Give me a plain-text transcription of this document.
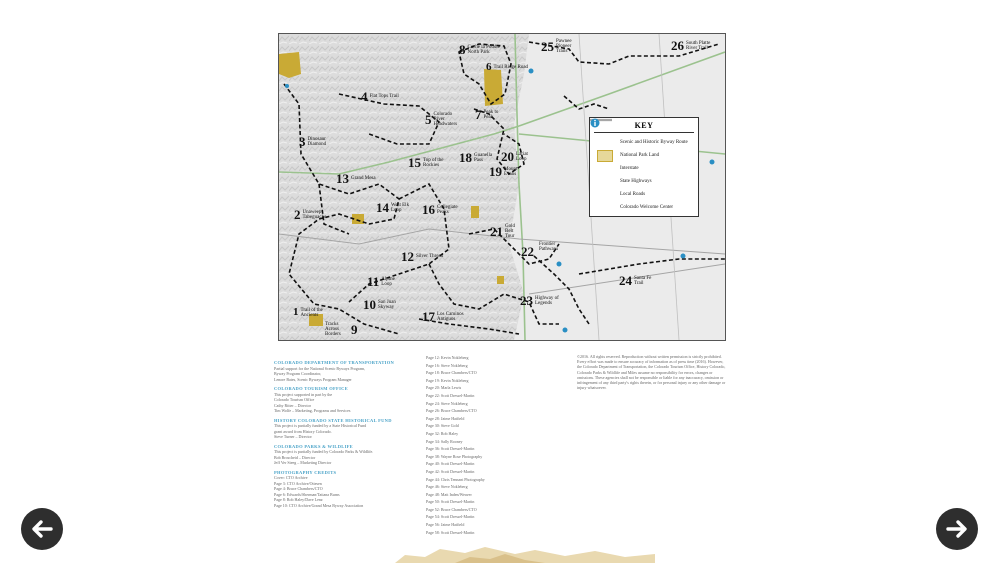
1 Trail of the Ancients
2 Unaweep Tabeguache
3 Dinosaur Diamond
4 Flat Tops Trail
5 Colorado River Headwaters
6 Trail Ridge Road
7 Peak to Peak
8 Cache la Poudre North Park
Tracks Across Borders 9
10 San Juan Skyway
11 Alpine Loop
12 Silver Thread
13 Grand Mesa
14 West Elk Loop
15 Top of the Rockies
16 Collegiate Peaks
17 Los Caminos Antiguos
18 Guanella Pass
19 Mount Evans
20 Lariat Loop
21 Gold Belt Tour
22 Frontier Pathways
23 Highway of Legends
24 Santa Fe Trail
25 Pawnee Pioneer Trails	26 South Platte River Trail
KEY
Scenic and Historic Byway Route
National Park Land
Interstate
State Highways
Local Roads
Colorado Welcome Center
COLORADO DEPARTMENT OF TRANSPORTATION
Partial support for the National Scenic Byways Program,
Byway Program Coordinator,
Lenore Bates, Scenic Byways Program Manager
COLORADO TOURISM OFFICE
This project supported in part by the
Colorado Tourism Office
Cathy Ritter – Director
Tim Wolfe – Marketing, Programs and Services
HISTORY COLORADO STATE HISTORICAL FUND
This project is partially funded by a State Historical Fund
grant award from History Colorado.
Steve Turner – Director
COLORADO PARKS & WILDLIFE
This project is partially funded by Colorado Parks & Wildlife.
Bob Broscheid – Director
Jeff Ver Steeg – Marketing Director
PHOTOGRAPHY CREDITS
Cover: CTO Archive
Page 3: CTO Archive/Ottesen
Page 4: Bruce Chambers/CTO
Page 6: Edwards/Sherman/Tatiana Burns
Page 8: Rob Haley/Dave Lenz
Page 10: CTO Archive/Grand Mesa Byway Association
Page 12: Kevin Nokleberg
Page 16: Steve Nokleberg
Page 18: Bruce Chambers/CTO
Page 19: Kevin Nokleberg
Page 20: Marla Lewis
Page 22: Scott Dressel-Martin
Page 24: Steve Nokleberg
Page 26: Bruce Chambers/CTO
Page 28: Jaime Hatfield
Page 30: Steve Gold
Page 32: Rob Haley
Page 34: Sally Rooney
Page 36: Scott Dressel-Martin
Page 38: Wayne Rose Photography
Page 40: Scott Dressel-Martin
Page 42: Scott Dressel-Martin
Page 44: Chris Tennant Photography
Page 46: Steve Nokleberg
Page 48: Matt Inden/Weaver
Page 50: Scott Dressel-Martin
Page 52: Bruce Chambers/CTO
Page 54: Scott Dressel-Martin
Page 56: Jaime Hatfield
Page 58: Scott Dressel-Martin
©2016. All rights reserved. Reproduction without written permission is strictly prohibited. Every effort was made to ensure accuracy of information as of press time (2016). However, the Colorado Department of Transportation, the Colorado Tourism Office, History Colorado, Colorado Parks & Wildlife and Miles assume no responsibility for errors, changes or omissions. These agencies shall not be responsible or liable for any inaccuracy, omission or infringement of any third party's rights therein, or for personal injury or any other damage or injury whatsoever.
